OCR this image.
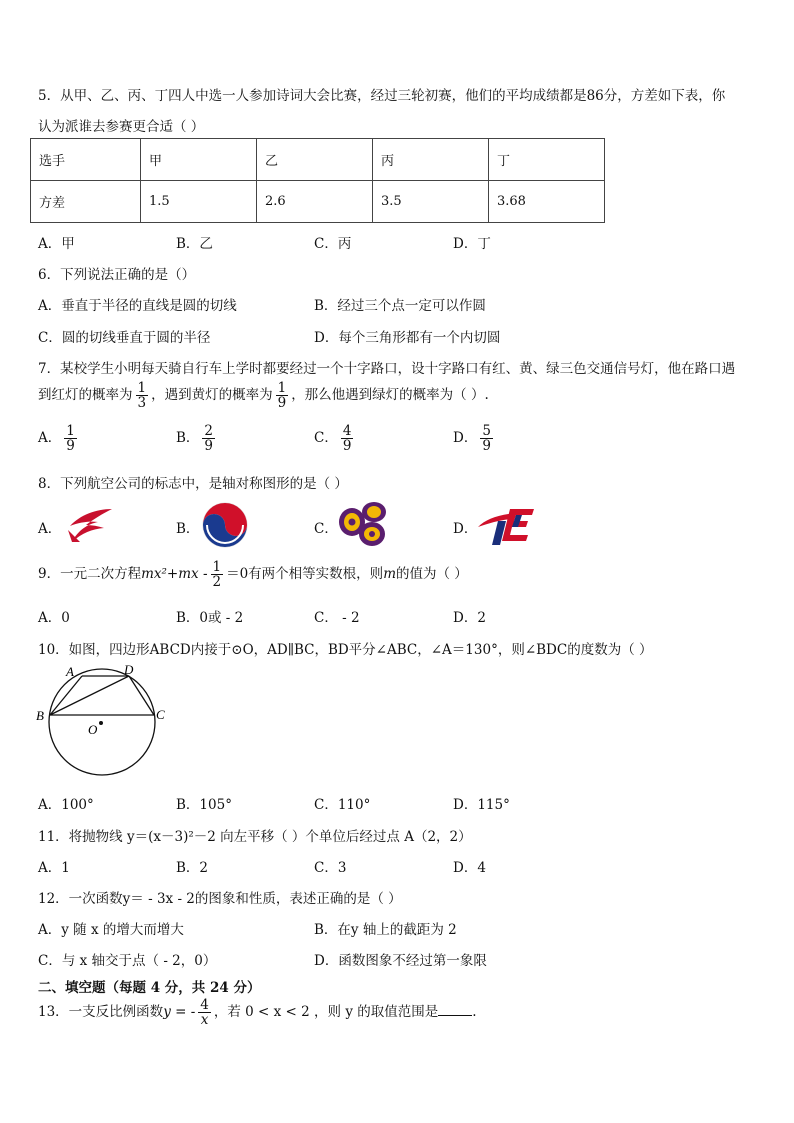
5．从甲、乙、丙、丁四人中选一人参加诗词大会比赛，经过三轮初赛，他们的平均成绩都是86分，方差如下表，你
认为派谁去参赛更合适（ ）
选手	甲	乙	丙	丁
方差	1.5	2.6	3.5	3.68
A．甲	B．乙	C．丙	D．丁
6．下列说法正确的是（）
A．垂直于半径的直线是圆的切线	B．经过三个点一定可以作圆
C．圆的切线垂直于圆的半径	D．每个三角形都有一个内切圆
7．某校学生小明每天骑自行车上学时都要经过一个十字路口，设十字路口有红、黄、绿三色交通信号灯，他在路口遇
到红灯的概率为 $\frac{1}{3}$ ，遇到黄灯的概率为 $\frac{1}{9}$ ，那么他遇到绿灯的概率为（ ）.
A． $\frac{1}{9}$	B． $\frac{2}{9}$	C． $\frac{4}{9}$	D． $\frac{5}{9}$
8．下列航空公司的标志中，是轴对称图形的是（ ）
A．	B．	C．	D．
9．一元二次方程$mx^2+mx - \frac{1}{2} =0$有两个相等实数根，则m的值为（ ）
A．0	B．0或 - 2	C． - 2	D．2
10．如图，四边形ABCD内接于⊙O，AD∥BC，BD平分∠ABC，∠A＝130°，则∠BDC的度数为（ ）
A	D
B	C
O
A．100°	B．105°	C．110°	D．115°
11．将抛物线 y＝(x－3)²－2 向左平移（ ）个单位后经过点 A（2，2）
A．1	B．2	C．3	D．4
12．一次函数y＝ - 3x - 2的图象和性质，表述正确的是（ ）
A．y 随 x 的增大而增大	B．在y 轴上的截距为 2
C．与 x 轴交于点（ - 2，0）	D．函数图象不经过第一象限
二、填空题（每题 4 分，共 24 分）
13．一支反比例函数y = - $\frac{4}{x}$ ，若 0 < x < 2 ，则 y 的取值范围是	.
